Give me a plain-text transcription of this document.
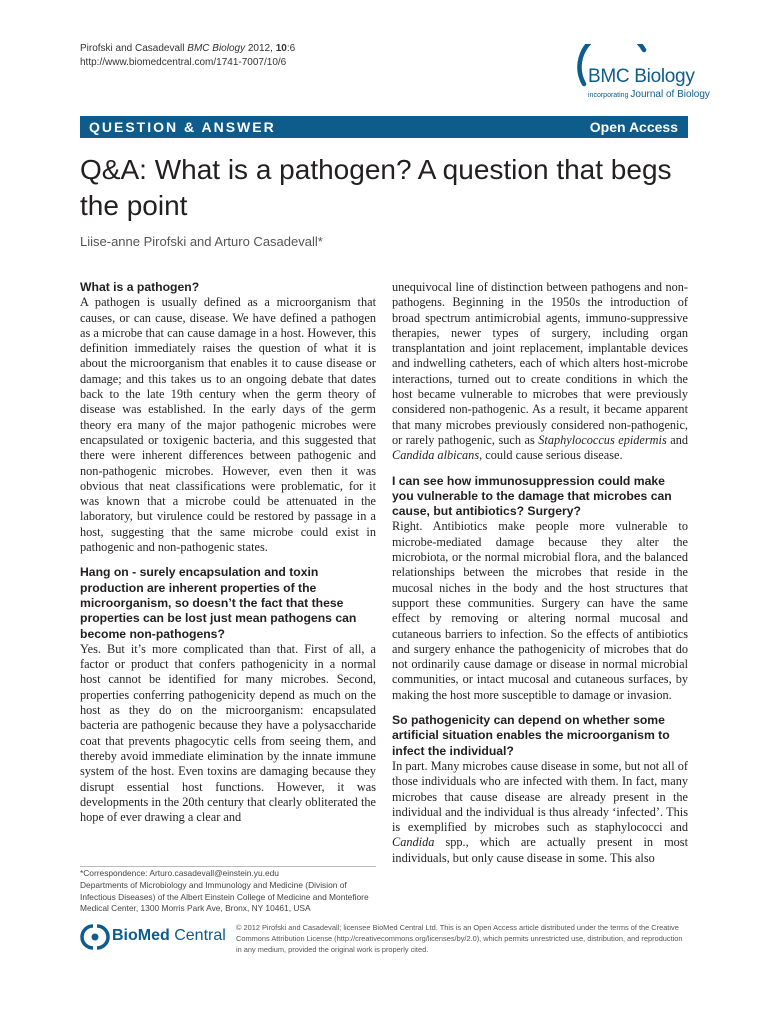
Pirofski and Casadevall BMC Biology 2012, 10:6
http://www.biomedcentral.com/1741-7007/10/6
BMC Biology
incorporating Journal of Biology
QUESTION & ANSWER	Open Access
Q&A: What is a pathogen? A question that begs the point
Liise-anne Pirofski and Arturo Casadevall*
What is a pathogen?

A pathogen is usually defined as a microorganism that causes, or can cause, disease. We have defined a pathogen as a microbe that can cause damage in a host. However, this definition immediately raises the question of what it is about the microorganism that enables it to cause disease or damage; and this takes us to an ongoing debate that dates back to the late 19th century when the germ theory of disease was established. In the early days of the germ theory era many of the major pathogenic microbes were encapsulated or toxigenic bacteria, and this suggested that there were inherent differences between pathogenic and non-pathogenic microbes. However, even then it was obvious that neat classifications were problematic, for it was known that a microbe could be attenuated in the laboratory, but virulence could be restored by passage in a host, suggesting that the same microbe could exist in pathogenic and non-pathogenic states.

Hang on - surely encapsulation and toxin production are inherent properties of the microorganism, so doesn’t the fact that these properties can be lost just mean pathogens can become non-pathogens?

Yes. But it’s more complicated than that. First of all, a factor or product that confers pathogenicity in a normal host cannot be identified for many microbes. Second, properties conferring pathogenicity depend as much on the host as they do on the microorganism: encapsulated bacteria are pathogenic because they have a polysaccharide coat that prevents phagocytic cells from seeing them, and thereby avoid immediate elimination by the innate immune system of the host. Even toxins are damaging because they disrupt essential host functions. However, it was developments in the 20th century that clearly obliterated the hope of ever drawing a clear and

unequivocal line of distinction between pathogens and non-pathogens. Beginning in the 1950s the introduction of broad spectrum antimicrobial agents, immuno-suppressive therapies, newer types of surgery, including organ transplantation and joint replacement, implantable devices and indwelling catheters, each of which alters host-microbe interactions, turned out to create conditions in which the host became vulnerable to microbes that were previously considered non-pathogenic. As a result, it became apparent that many microbes previously considered non-pathogenic, or rarely pathogenic, such as Staphylococcus epidermis and Candida albicans, could cause serious disease.

I can see how immunosuppression could make you vulnerable to the damage that microbes can cause, but antibiotics? Surgery?

Right. Antibiotics make people more vulnerable to microbe-mediated damage because they alter the microbiota, or the normal microbial flora, and the balanced relationships between the microbes that reside in the mucosal niches in the body and the host structures that support these communities. Surgery can have the same effect by removing or altering normal mucosal and cutaneous barriers to infection. So the effects of antibiotics and surgery enhance the pathogenicity of microbes that do not ordinarily cause damage or disease in normal microbial communities, or intact mucosal and cutaneous surfaces, by making the host more susceptible to damage or invasion.

So pathogenicity can depend on whether some artificial situation enables the microorganism to infect the individual?

In part. Many microbes cause disease in some, but not all of those individuals who are infected with them. In fact, many microbes that cause disease are already present in the individual and the individual is thus already ‘infected’. This is exemplified by microbes such as staphylococci and Candida spp., which are actually present in most individuals, but only cause disease in some. This also

*Correspondence: Arturo.casadevall@einstein.yu.edu
Departments of Microbiology and Immunology and Medicine (Division of Infectious Diseases) of the Albert Einstein College of Medicine and Montefiore Medical Center, 1300 Morris Park Ave, Bronx, NY 10461, USA
BioMed Central © 2012 Pirofski and Casadevall; licensee BioMed Central Ltd. This is an Open Access article distributed under the terms of the Creative Commons Attribution License (http://creativecommons.org/licenses/by/2.0), which permits unrestricted use, distribution, and reproduction in any medium, provided the original work is properly cited.
